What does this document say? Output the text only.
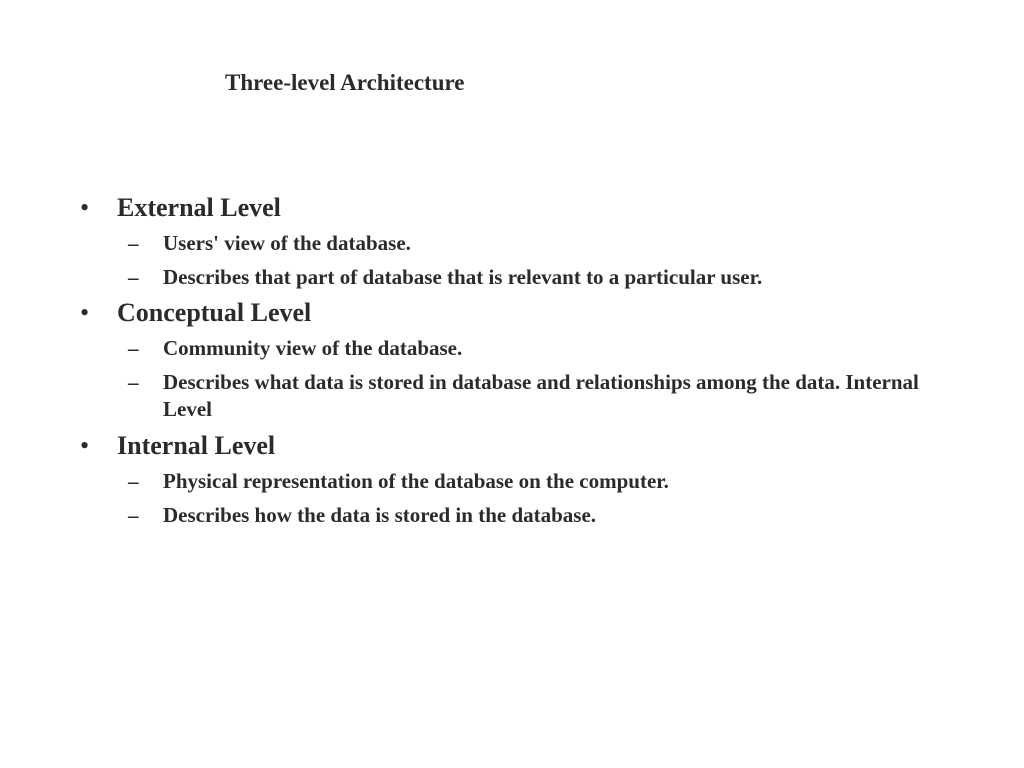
Three-level Architecture
• External Level
– Users' view of the database.
– Describes that part of database that is relevant to a particular user.
• Conceptual Level
– Community view of the database.
– Describes what data is stored in database and relationships among the data. Internal Level
• Internal Level
– Physical representation of the database on the computer.
– Describes how the data is stored in the database.
